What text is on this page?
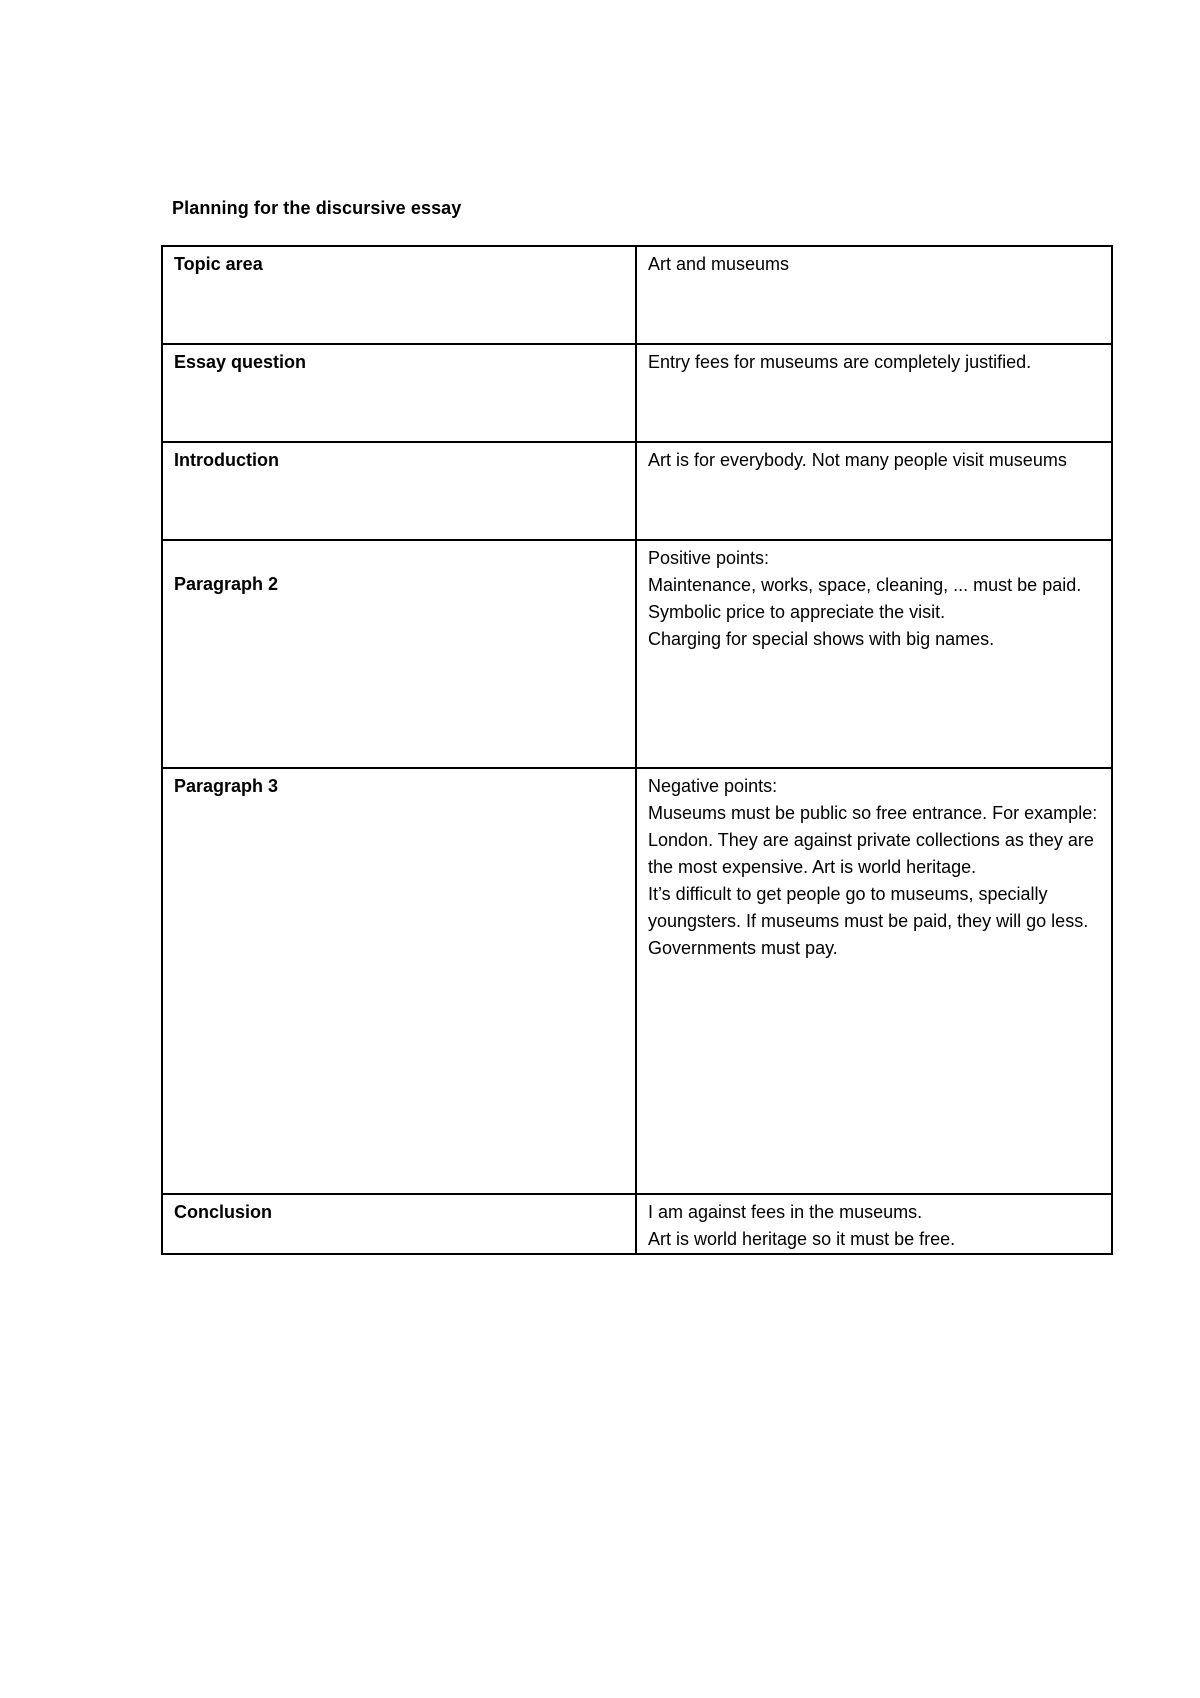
Planning for the discursive essay
Topic area	Art and museums

Essay question	Entry fees for museums are completely justified.

Introduction	Art is for everybody. Not many people visit museums

Paragraph 2	Positive points:
Maintenance, works, space, cleaning, ... must be paid.
Symbolic price to appreciate the visit.
Charging for special shows with big names.

Paragraph 3	Negative points:
Museums must be public so free entrance. For example: London. They are against private collections as they are the most expensive. Art is world heritage.
It’s difficult to get people go to museums, specially youngsters. If museums must be paid, they will go less.
Governments must pay.

Conclusion	I am against fees in the museums.
Art is world heritage so it must be free.
